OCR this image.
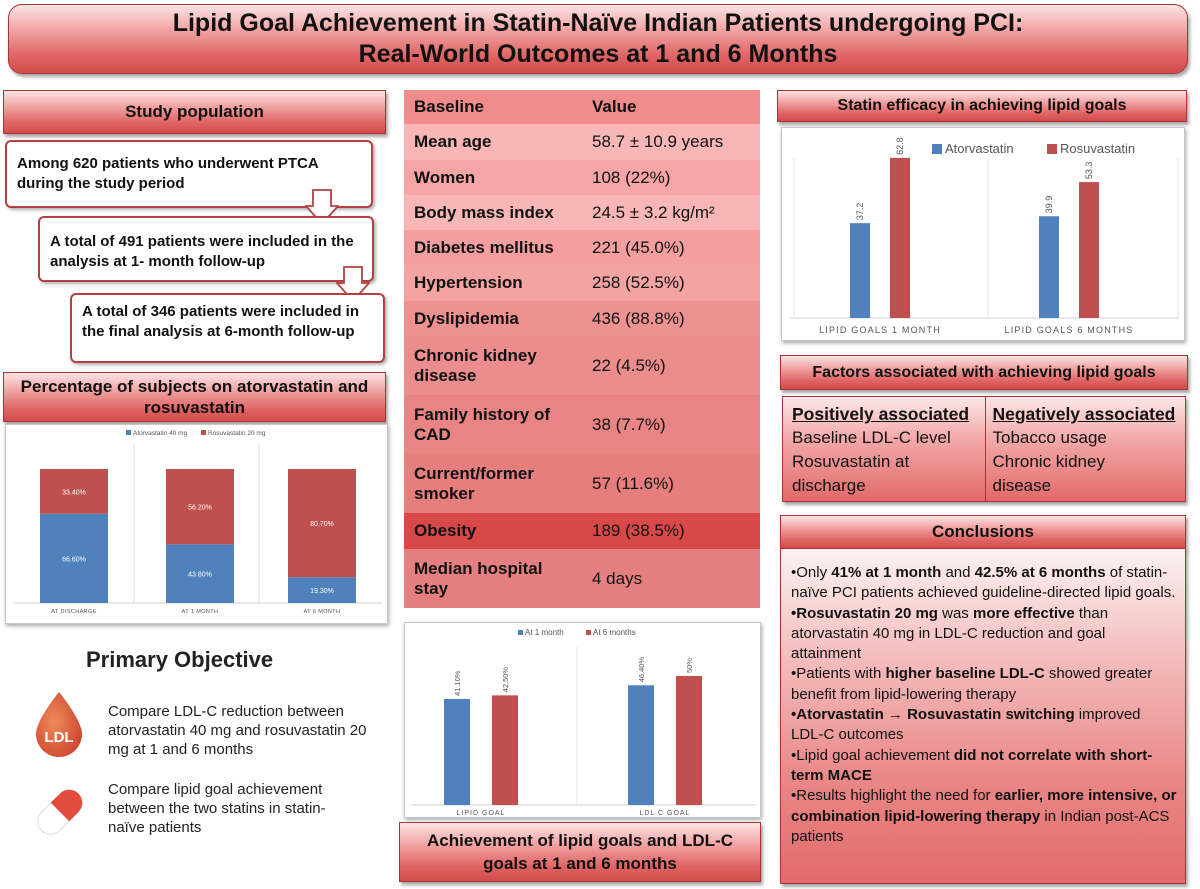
Lipid Goal Achievement in Statin-Naïve Indian Patients undergoing PCI:
Real-World Outcomes at 1 and 6 Months
Study population
Among 620 patients who underwent PTCA during the study period
A total of 491 patients were included in the analysis at 1- month follow-up
A total of 346 patients were included in the final analysis at 6-month follow-up
Percentage of subjects on atorvastatin and rosuvastatin
Atorvastatin 40 mg	Rosuvastatin 20 mg
66.60%
33.40%
AT DISCHARGE
43.80%
56.20%
AT 1 MONTH
19.30%
80.70%
AT 6 MONTH
Primary Objective
LDL
Compare LDL-C reduction between atorvastatin 40 mg and rosuvastatin 20 mg at 1 and 6 months
Compare lipid goal achievement between the two statins in statin-naïve patients
Baseline	Value
Mean age	58.7 ± 10.9 years
Women	108 (22%)
Body mass index	24.5 ± 3.2 kg/m²
Diabetes mellitus	221 (45.0%)
Hypertension	258 (52.5%)
Dyslipidemia	436 (88.8%)
Chronic kidney disease	22 (4.5%)
Family history of CAD	38 (7.7%)
Current/former smoker	57 (11.6%)
Obesity	189 (38.5%)
Median hospital stay	4 days
At 1 month	At 6 months
41.10%	42.50%
LIPID GOAL
46.40%	50%
LDL C GOAL
Achievement of lipid goals and LDL-C goals at 1 and 6 months
Statin efficacy in achieving lipid goals
Atorvastatin	Rosuvastatin
37.2
62.8
LIPID GOALS 1 MONTH
39.9
53.3
LIPID GOALS 6 MONTHS
Factors associated with achieving lipid goals
Positively associated
Baseline LDL-C level
Rosuvastatin at discharge
Negatively associated
Tobacco usage
Chronic kidney disease
Conclusions

•Only 41% at 1 month and 42.5% at 6 months of statin-naïve PCI patients achieved guideline-directed lipid goals.

•Rosuvastatin 20 mg was more effective than atorvastatin 40 mg in LDL-C reduction and goal attainment

•Patients with higher baseline LDL-C showed greater benefit from lipid-lowering therapy

•Atorvastatin → Rosuvastatin switching improved LDL-C outcomes

•Lipid goal achievement did not correlate with short-term MACE

•Results highlight the need for earlier, more intensive, or combination lipid-lowering therapy in Indian post-ACS patients
